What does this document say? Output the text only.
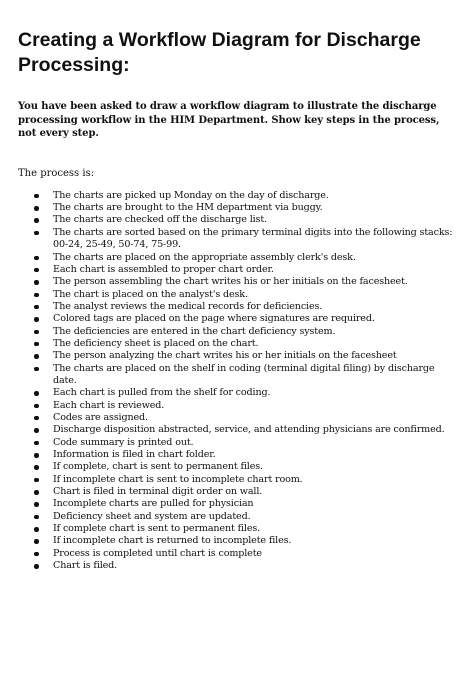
Creating a Workflow Diagram for Discharge Processing:

You have been asked to draw a workflow diagram to illustrate the discharge processing workflow in the HIM Department. Show key steps in the process, not every step.

The process is:

The charts are picked up Monday on the day of discharge.
The charts are brought to the HM department via buggy.
The charts are checked off the discharge list.
The charts are sorted based on the primary terminal digits into the following stacks: 00-24, 25-49, 50-74, 75-99.
The charts are placed on the appropriate assembly clerk's desk.
Each chart is assembled to proper chart order.
The person assembling the chart writes his or her initials on the facesheet.
The chart is placed on the analyst's desk.
The analyst reviews the medical records for deficiencies.
Colored tags are placed on the page where signatures are required.
The deficiencies are entered in the chart deficiency system.
The deficiency sheet is placed on the chart.
The person analyzing the chart writes his or her initials on the facesheet
The charts are placed on the shelf in coding (terminal digital filing) by discharge date.
Each chart is pulled from the shelf for coding.
Each chart is reviewed.
Codes are assigned.
Discharge disposition abstracted, service, and attending physicians are confirmed.
Code summary is printed out.
Information is filed in chart folder.
If complete, chart is sent to permanent files.
If incomplete chart is sent to incomplete chart room.
Chart is filed in terminal digit order on wall.
Incomplete charts are pulled for physician
Deficiency sheet and system are updated.
If complete chart is sent to permanent files.
If incomplete chart is returned to incomplete files.
Process is completed until chart is complete
Chart is filed.
